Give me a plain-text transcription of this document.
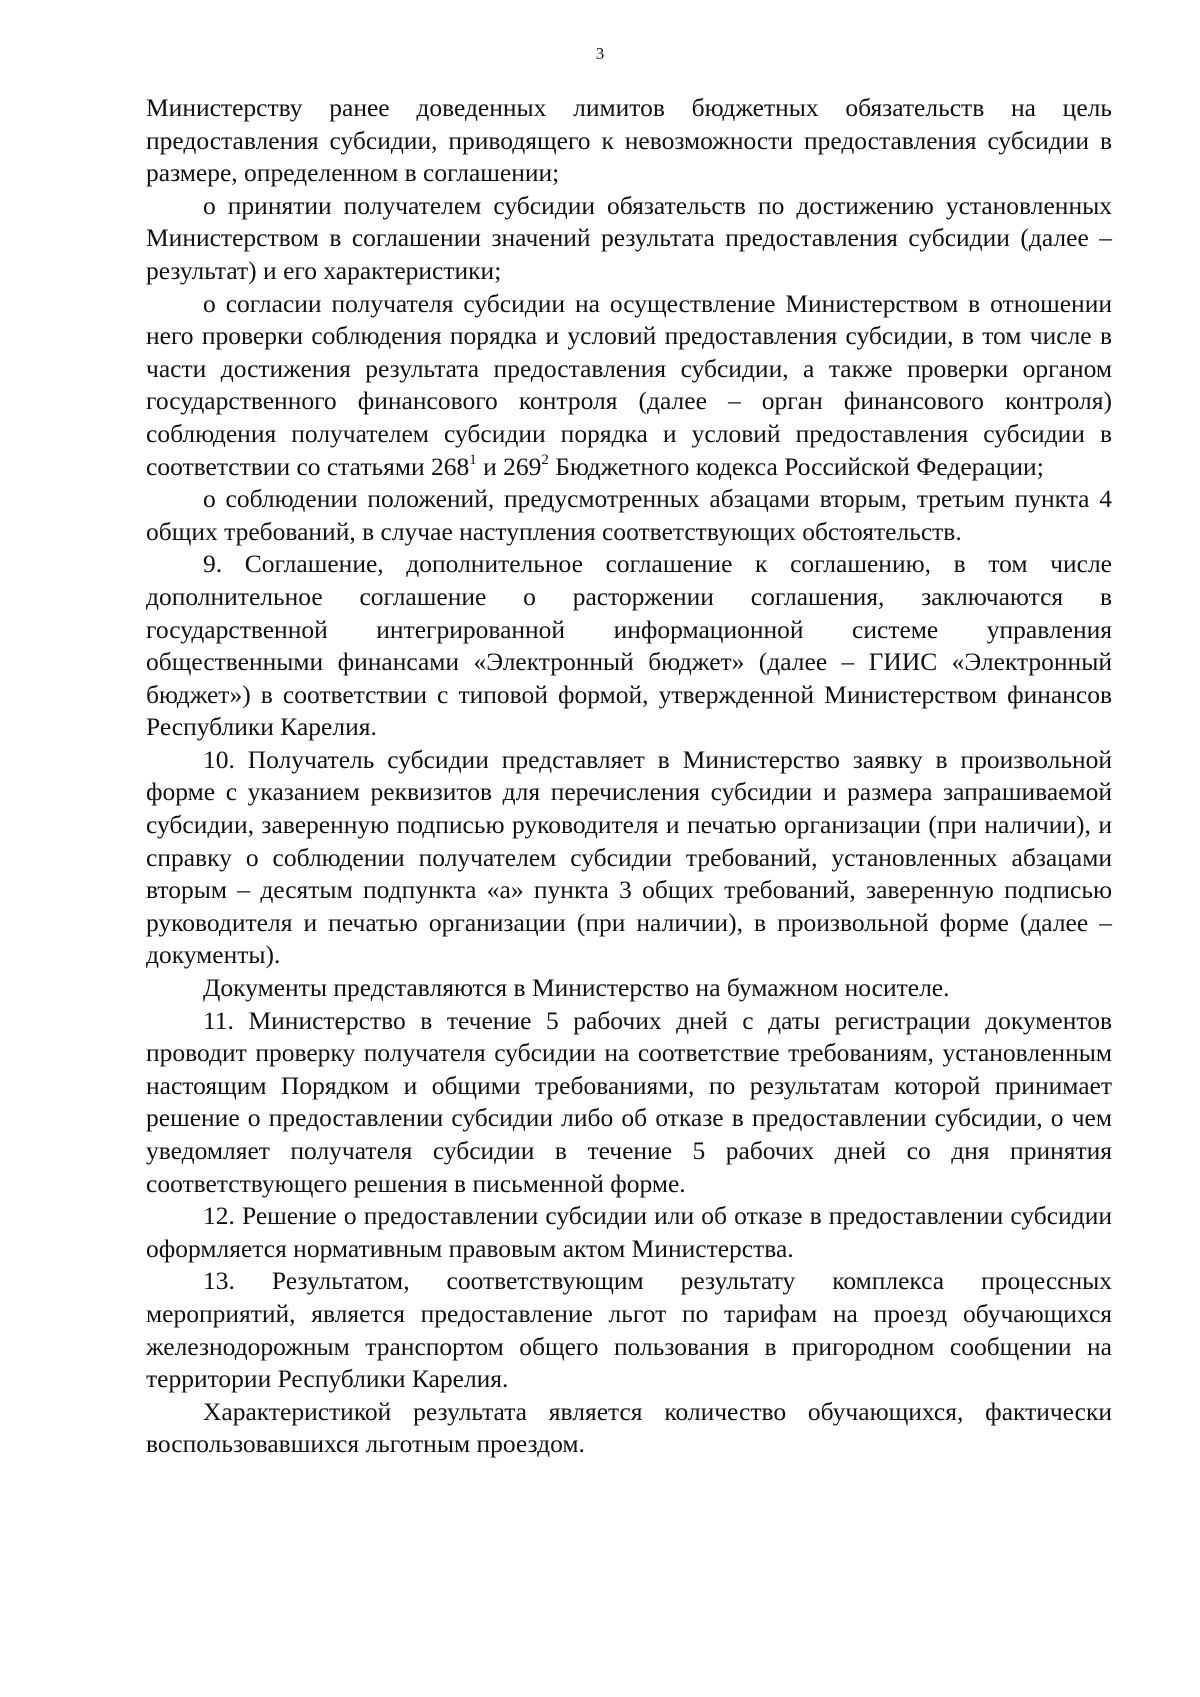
3

Министерству ранее доведенных лимитов бюджетных обязательств на цель предоставления субсидии, приводящего к невозможности предоставления субсидии в размере, определенном в соглашении;

о принятии получателем субсидии обязательств по достижению установленных Министерством в соглашении значений результата предоставления субсидии (далее – результат) и его характеристики;

о согласии получателя субсидии на осуществление Министерством в отношении него проверки соблюдения порядка и условий предоставления субсидии, в том числе в части достижения результата предоставления субсидии, а также проверки органом государственного финансового контроля (далее – орган финансового контроля) соблюдения получателем субсидии порядка и условий предоставления субсидии в соответствии со статьями $268^1$ и $269^2$ Бюджетного кодекса Российской Федерации;

о соблюдении положений, предусмотренных абзацами вторым, третьим пункта 4 общих требований, в случае наступления соответствующих обстоятельств.

9. Соглашение, дополнительное соглашение к соглашению, в том числе дополнительное соглашение о расторжении соглашения, заключаются в государственной интегрированной информационной системе управления общественными финансами «Электронный бюджет» (далее – ГИИС «Электронный бюджет») в соответствии с типовой формой, утвержденной Министерством финансов Республики Карелия.

10. Получатель субсидии представляет в Министерство заявку в произвольной форме с указанием реквизитов для перечисления субсидии и размера запрашиваемой субсидии, заверенную подписью руководителя и печатью организации (при наличии), и справку о соблюдении получателем субсидии требований, установленных абзацами вторым – десятым подпункта «а» пункта 3 общих требований, заверенную подписью руководителя и печатью организации (при наличии), в произвольной форме (далее – документы).

Документы представляются в Министерство на бумажном носителе.

11. Министерство в течение 5 рабочих дней с даты регистрации документов проводит проверку получателя субсидии на соответствие требованиям, установленным настоящим Порядком и общими требованиями, по результатам которой принимает решение о предоставлении субсидии либо об отказе в предоставлении субсидии, о чем уведомляет получателя субсидии в течение 5 рабочих дней со дня принятия соответствующего решения в письменной форме.

12. Решение о предоставлении субсидии или об отказе в предоставлении субсидии оформляется нормативным правовым актом Министерства.

13. Результатом, соответствующим результату комплекса процессных мероприятий, является предоставление льгот по тарифам на проезд обучающихся железнодорожным транспортом общего пользования в пригородном сообщении на территории Республики Карелия.

Характеристикой результата является количество обучающихся, фактически воспользовавшихся льготным проездом.
